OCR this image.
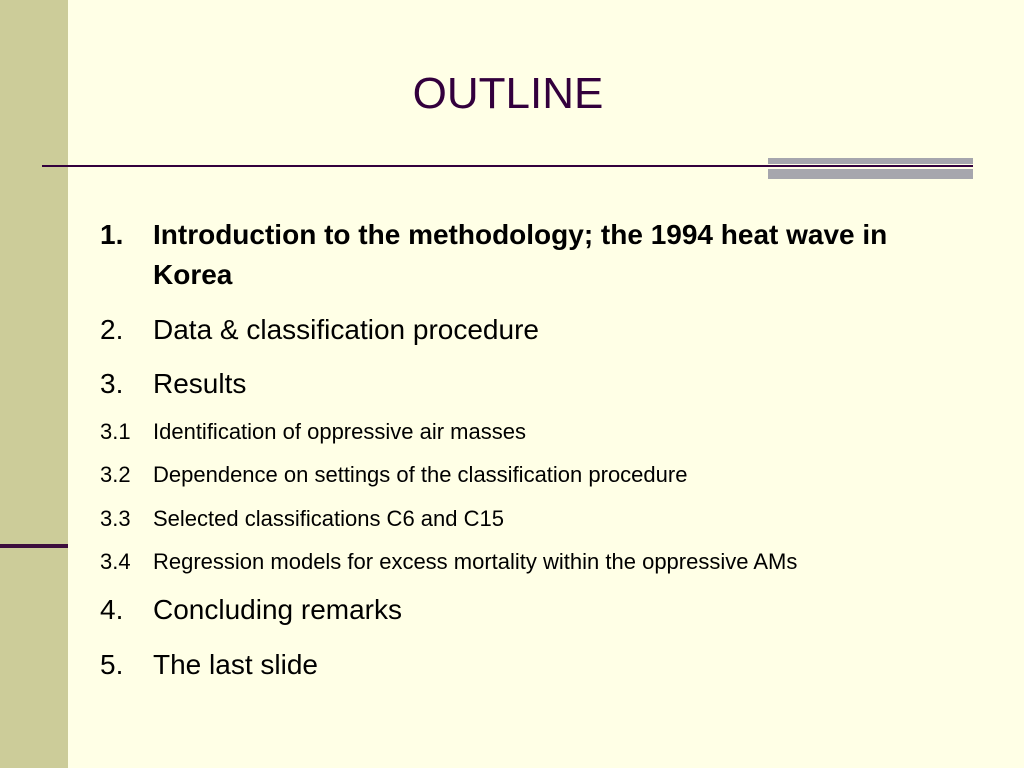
OUTLINE
1. Introduction to the methodology; the 1994 heat wave in Korea
2. Data & classification procedure
3. Results
3.1 Identification of oppressive air masses
3.2 Dependence on settings of the classification procedure
3.3 Selected classifications C6 and C15
3.4 Regression models for excess mortality within the oppressive AMs
4. Concluding remarks
5. The last slide
